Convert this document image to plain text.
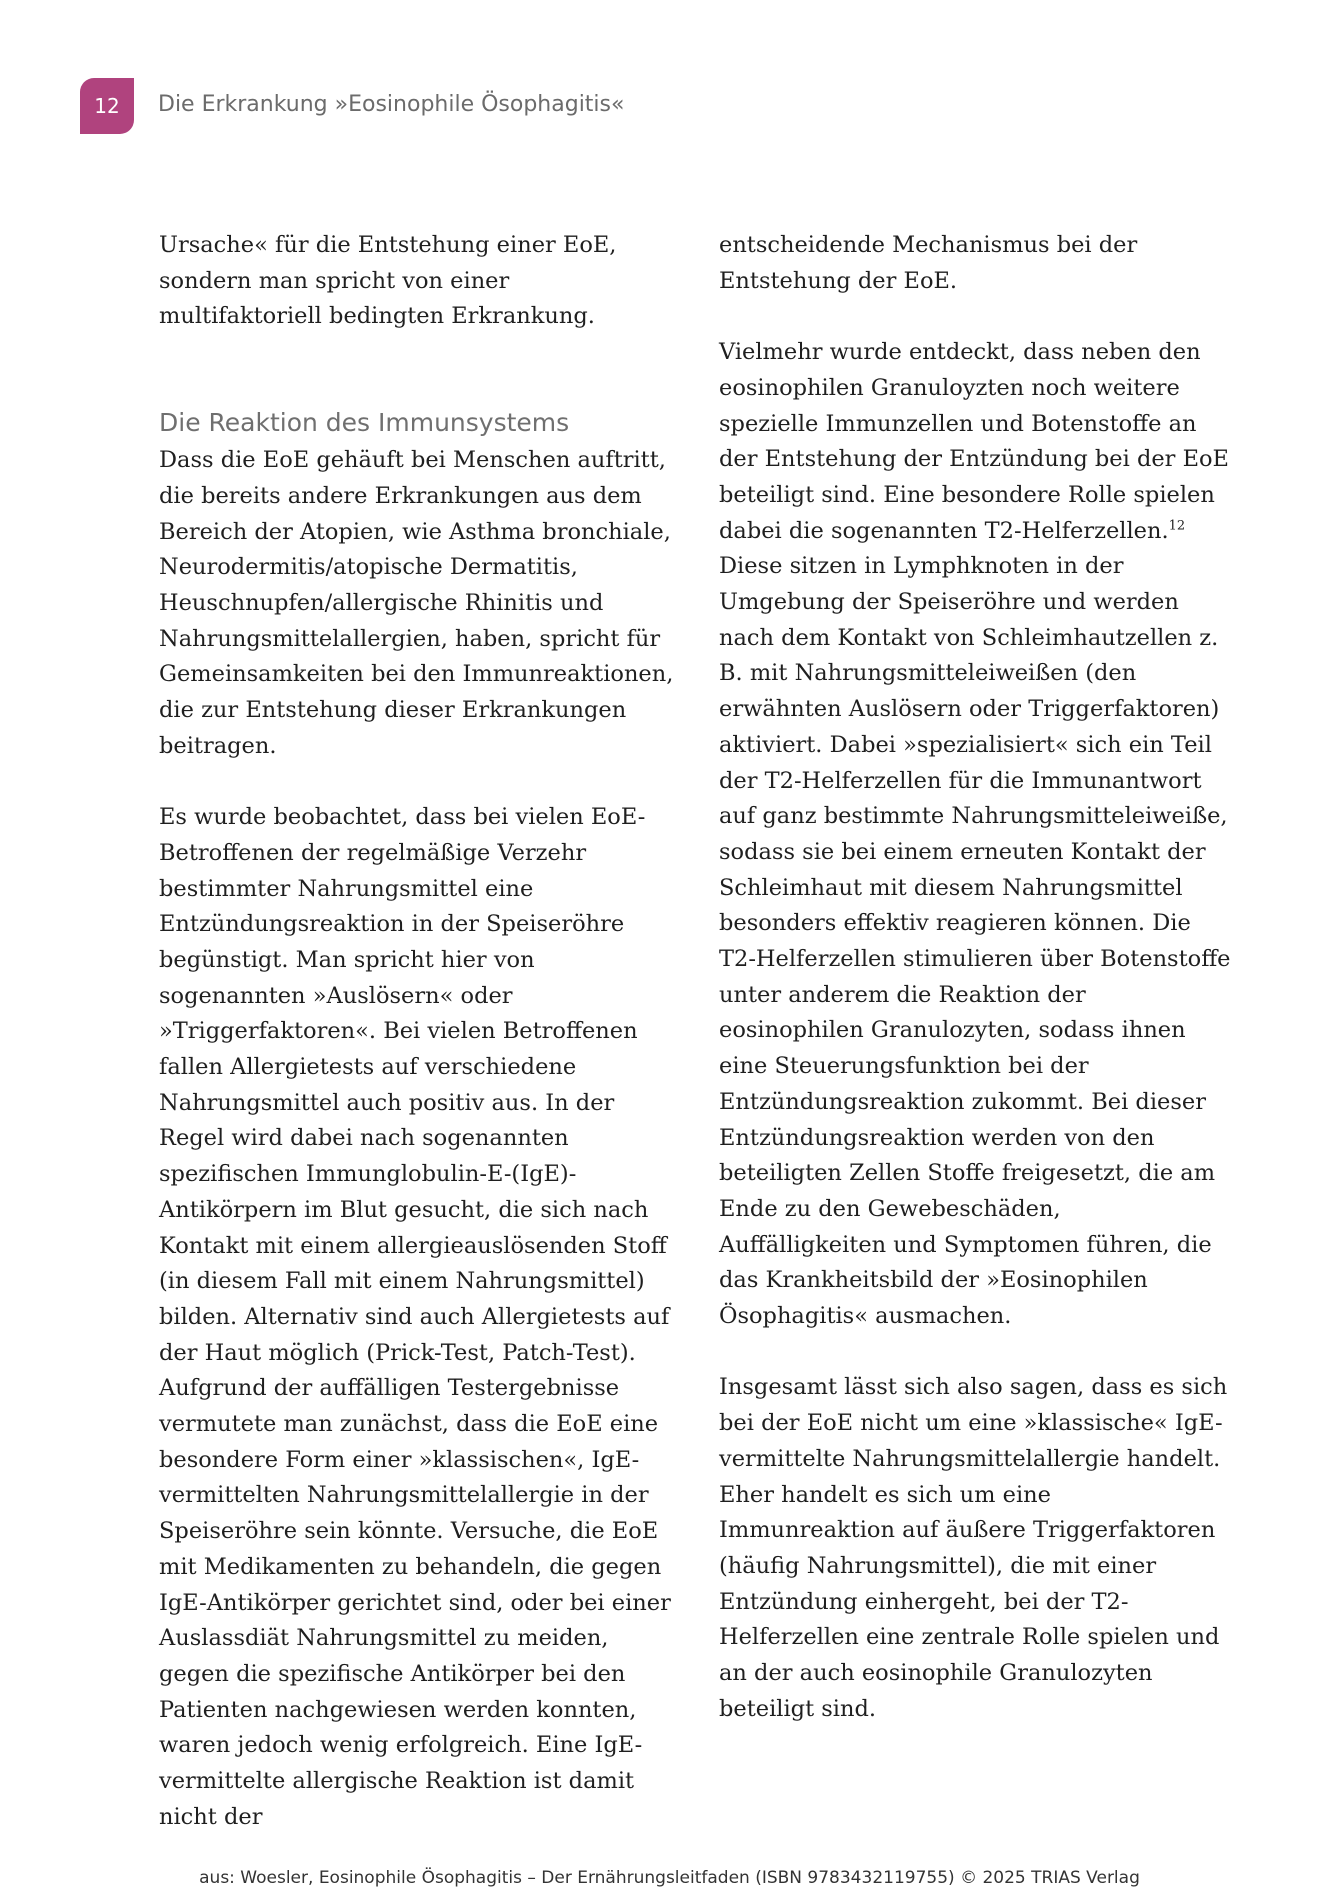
12 Die Erkrankung »Eosinophile Ösophagitis«

Ursache« für die Entstehung einer EoE, sondern man spricht von einer multifaktoriell bedingten Erkrankung.

Die Reaktion des Immunsystems

Dass die EoE gehäuft bei Menschen auftritt, die bereits andere Erkrankungen aus dem Bereich der Atopien, wie Asthma bronchiale, Neurodermitis/atopische Dermatitis, Heuschnupfen/allergische Rhinitis und Nahrungsmittelallergien, haben, spricht für Gemeinsamkeiten bei den Immunreaktionen, die zur Entstehung dieser Erkrankungen beitragen.

Es wurde beobachtet, dass bei vielen EoE-Betroffenen der regelmäßige Verzehr bestimmter Nahrungsmittel eine Entzündungsreaktion in der Speiseröhre begünstigt. Man spricht hier von sogenannten »Auslösern« oder »Triggerfaktoren«. Bei vielen Betroffenen fallen Allergietests auf verschiedene Nahrungsmittel auch positiv aus. In der Regel wird dabei nach sogenannten spezifischen Immunglobulin-E-(IgE)-Antikörpern im Blut gesucht, die sich nach Kontakt mit einem allergieauslösenden Stoff (in diesem Fall mit einem Nahrungsmittel) bilden. Alternativ sind auch Allergietests auf der Haut möglich (Prick-Test, Patch-Test). Aufgrund der auffälligen Testergebnisse vermutete man zunächst, dass die EoE eine besondere Form einer »klassischen«, IgE-vermittelten Nahrungsmittelallergie in der Speiseröhre sein könnte. Versuche, die EoE mit Medikamenten zu behandeln, die gegen IgE-Antikörper gerichtet sind, oder bei einer Auslassdiät Nahrungsmittel zu meiden, gegen die spezifische Antikörper bei den Patienten nachgewiesen werden konnten, waren jedoch wenig erfolgreich. Eine IgE-vermittelte allergische Reaktion ist damit nicht der

entscheidende Mechanismus bei der Entstehung der EoE.

Vielmehr wurde entdeckt, dass neben den eosinophilen Granuloyzten noch weitere spezielle Immunzellen und Botenstoffe an der Entstehung der Entzündung bei der EoE beteiligt sind. Eine besondere Rolle spielen dabei die sogenannten T2-Helferzellen.$^{12}$ Diese sitzen in Lymphknoten in der Umgebung der Speiseröhre und werden nach dem Kontakt von Schleimhautzellen z. B. mit Nahrungsmitteleiweißen (den erwähnten Auslösern oder Triggerfaktoren) aktiviert. Dabei »spezialisiert« sich ein Teil der T2-Helferzellen für die Immunantwort auf ganz bestimmte Nahrungsmitteleiweiße, sodass sie bei einem erneuten Kontakt der Schleimhaut mit diesem Nahrungsmittel besonders effektiv reagieren können. Die T2-Helferzellen stimulieren über Botenstoffe unter anderem die Reaktion der eosinophilen Granulozyten, sodass ihnen eine Steuerungsfunktion bei der Entzündungsreaktion zukommt. Bei dieser Entzündungsreaktion werden von den beteiligten Zellen Stoffe freigesetzt, die am Ende zu den Gewebeschäden, Auffälligkeiten und Symptomen führen, die das Krankheitsbild der »Eosinophilen Ösophagitis« ausmachen.

Insgesamt lässt sich also sagen, dass es sich bei der EoE nicht um eine »klassische« IgE-vermittelte Nahrungsmittelallergie handelt. Eher handelt es sich um eine Immunreaktion auf äußere Triggerfaktoren (häufig Nahrungsmittel), die mit einer Entzündung einhergeht, bei der T2-Helferzellen eine zentrale Rolle spielen und an der auch eosinophile Granulozyten beteiligt sind.

aus: Woesler, Eosinophile Ösophagitis – Der Ernährungsleitfaden (ISBN 9783432119755) © 2025 TRIAS Verlag
